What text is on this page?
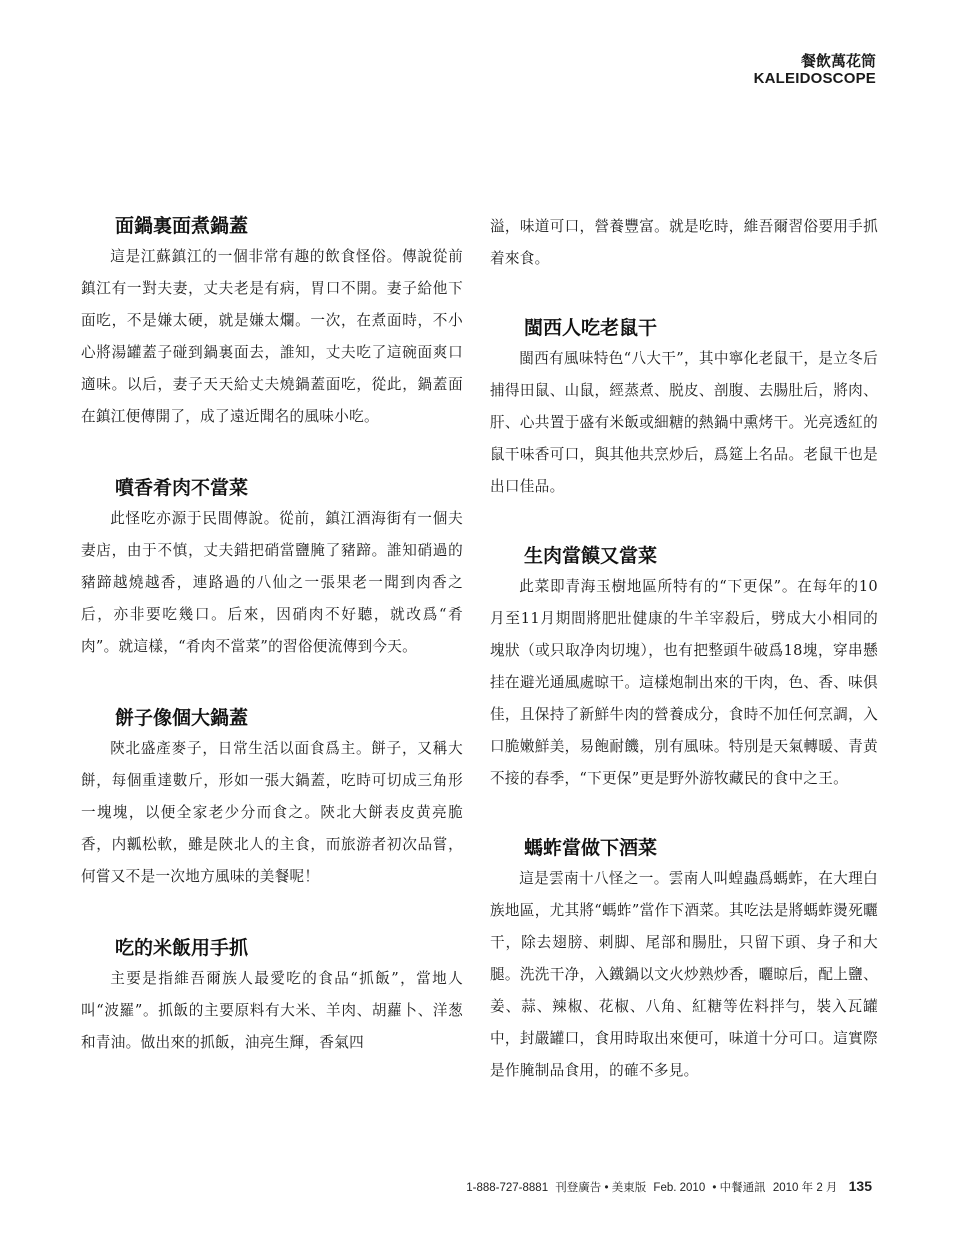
餐飲萬花筒
KALEIDOSCOPE
面鍋裏面煮鍋蓋

這是江蘇鎮江的一個非常有趣的飲食怪俗。傳說從前鎮江有一對夫妻，丈夫老是有病，胃口不開。妻子給他下面吃，不是嫌太硬，就是嫌太爛。一次，在煮面時，不小心將湯罐蓋子碰到鍋裏面去，誰知，丈夫吃了這碗面爽口適味。以后，妻子天天給丈夫燒鍋蓋面吃，從此，鍋蓋面在鎮江便傳開了，成了遠近聞名的風味小吃。

噴香肴肉不當菜

此怪吃亦源于民間傳說。從前，鎮江酒海街有一個夫妻店，由于不慎，丈夫錯把硝當鹽腌了豬蹄。誰知硝過的豬蹄越燒越香，連路過的八仙之一張果老一聞到肉香之后，亦非要吃幾口。后來，因硝肉不好聽，就改爲“肴肉”。就這樣，“肴肉不當菜”的習俗便流傳到今天。

餅子像個大鍋蓋

陝北盛產麥子，日常生活以面食爲主。餅子，又稱大餅，每個重達數斤，形如一張大鍋蓋，吃時可切成三角形一塊塊，以便全家老少分而食之。陝北大餅表皮黄亮脆香，内瓤松軟，雖是陝北人的主食，而旅游者初次品嘗，何嘗又不是一次地方風味的美餐呢！

吃的米飯用手抓

主要是指維吾爾族人最愛吃的食品“抓飯”，當地人叫“波羅”。抓飯的主要原料有大米、羊肉、胡蘿卜、洋葱和青油。做出來的抓飯，油亮生輝，香氣四

溢，味道可口，營養豐富。就是吃時，維吾爾習俗要用手抓着來食。

閩西人吃老鼠干

閩西有風味特色“八大干”，其中寧化老鼠干，是立冬后捕得田鼠、山鼠，經蒸煮、脱皮、剖腹、去腸肚后，將肉、肝、心共置于盛有米飯或細糖的熱鍋中熏烤干。光亮透紅的鼠干味香可口，與其他共烹炒后，爲筵上名品。老鼠干也是出口佳品。

生肉當饃又當菜

此菜即青海玉樹地區所特有的“下更保”。在每年的10月至11月期間將肥壯健康的牛羊宰殺后，劈成大小相同的塊狀（或只取净肉切塊），也有把整頭牛破爲18塊，穿串懸挂在避光通風處晾干。這樣炮制出來的干肉，色、香、味俱佳，且保持了新鮮牛肉的營養成分，食時不加任何烹調，入口脆嫩鮮美，易飽耐饑，別有風味。特別是天氣轉暖、青黄不接的春季，“下更保”更是野外游牧藏民的食中之王。

螞蚱當做下酒菜

這是雲南十八怪之一。雲南人叫蝗蟲爲螞蚱，在大理白族地區，尤其將“螞蚱”當作下酒菜。其吃法是將螞蚱燙死曬干，除去翅膀、刺脚、尾部和腸肚，只留下頭、身子和大腿。洗洗干净，入鐵鍋以文火炒熟炒香，曬晾后，配上鹽、姜、蒜、辣椒、花椒、八角、紅糖等佐料拌勻，裝入瓦罐中，封嚴罐口，食用時取出來便可，味道十分可口。這實際是作腌制品食用，的確不多見。

1-888-727-8881 刊登廣告 • 美東版 Feb. 2010 • 中餐通訊 2010 年 2 月 135
